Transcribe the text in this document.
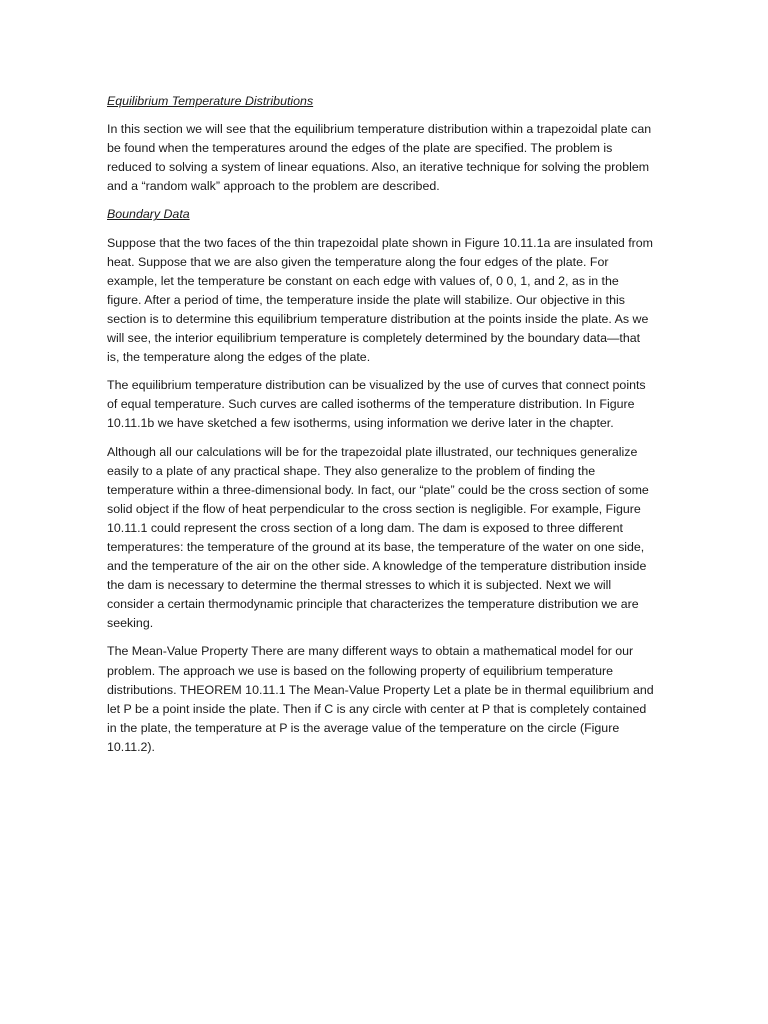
Equilibrium Temperature Distributions

In this section we will see that the equilibrium temperature distribution within a trapezoidal plate can be found when the temperatures around the edges of the plate are specified. The problem is reduced to solving a system of linear equations. Also, an iterative technique for solving the problem and a “random walk” approach to the problem are described.

Boundary Data

Suppose that the two faces of the thin trapezoidal plate shown in Figure 10.11.1a are insulated from heat. Suppose that we are also given the temperature along the four edges of the plate. For example, let the temperature be constant on each edge with values of, 0 0, 1, and 2, as in the figure. After a period of time, the temperature inside the plate will stabilize. Our objective in this section is to determine this equilibrium temperature distribution at the points inside the plate. As we will see, the interior equilibrium temperature is completely determined by the boundary data—that is, the temperature along the edges of the plate.

The equilibrium temperature distribution can be visualized by the use of curves that connect points of equal temperature. Such curves are called isotherms of the temperature distribution. In Figure 10.11.1b we have sketched a few isotherms, using information we derive later in the chapter.

Although all our calculations will be for the trapezoidal plate illustrated, our techniques generalize easily to a plate of any practical shape. They also generalize to the problem of finding the temperature within a three-dimensional body. In fact, our “plate” could be the cross section of some solid object if the flow of heat perpendicular to the cross section is negligible. For example, Figure 10.11.1 could represent the cross section of a long dam. The dam is exposed to three different temperatures: the temperature of the ground at its base, the temperature of the water on one side, and the temperature of the air on the other side. A knowledge of the temperature distribution inside the dam is necessary to determine the thermal stresses to which it is subjected. Next we will consider a certain thermodynamic principle that characterizes the temperature distribution we are seeking.

The Mean-Value Property There are many different ways to obtain a mathematical model for our problem. The approach we use is based on the following property of equilibrium temperature distributions. THEOREM 10.11.1 The Mean-Value Property Let a plate be in thermal equilibrium and let P be a point inside the plate. Then if C is any circle with center at P that is completely contained in the plate, the temperature at P is the average value of the temperature on the circle (Figure 10.11.2).
